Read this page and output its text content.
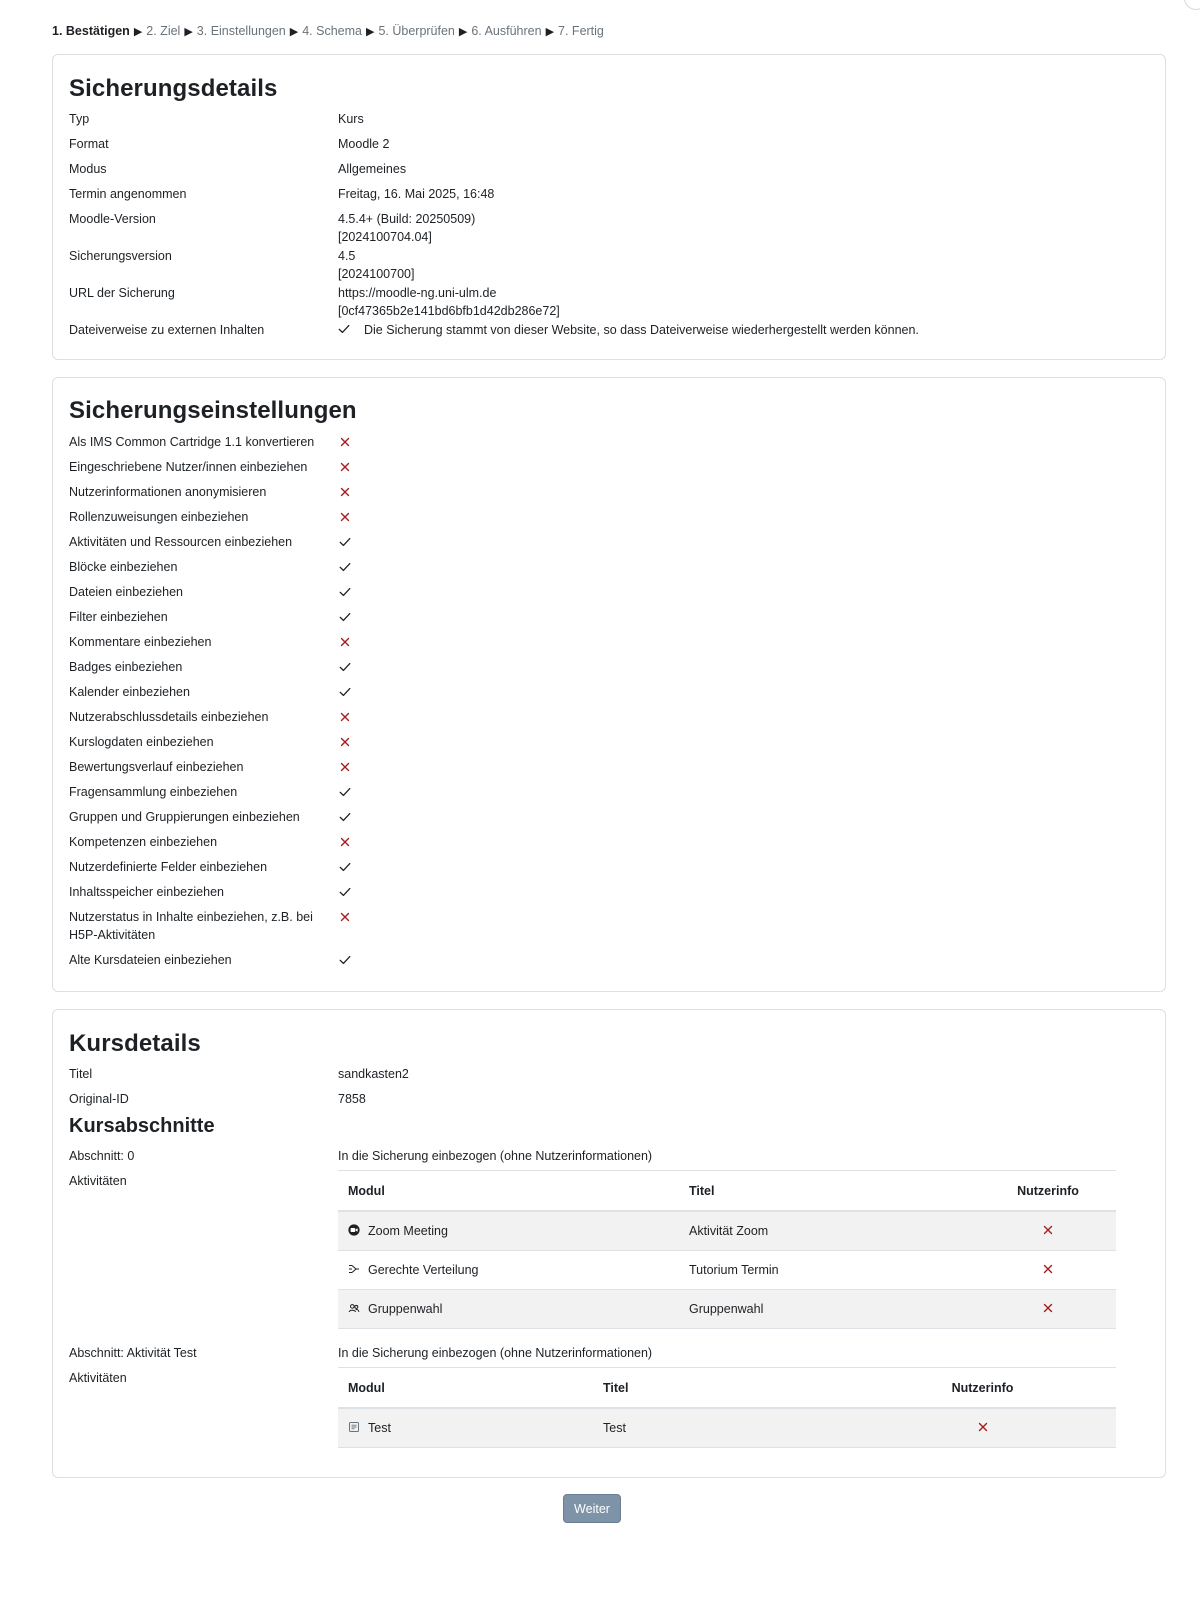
1. Bestätigen ▶ 2. Ziel ▶ 3. Einstellungen ▶ 4. Schema ▶ 5. Überprüfen ▶ 6. Ausführen ▶ 7. Fertig
Sicherungsdetails
Typ	Kurs
Format	Moodle 2
Modus	Allgemeines
Termin angenommen	Freitag, 16. Mai 2025, 16:48
Moodle-Version	4.5.4+ (Build: 20250509)
[2024100704.04]
Sicherungsversion	4.5
[2024100700]
URL der Sicherung	https://moodle-ng.uni-ulm.de
[0cf47365b2e141bd6bfb1d42db286e72]
Dateiverweise zu externen Inhalten	Die Sicherung stammt von dieser Website, so dass Dateiverweise wiederhergestellt werden können.
Sicherungseinstellungen
Als IMS Common Cartridge 1.1 konvertieren
Eingeschriebene Nutzer/innen einbeziehen
Nutzerinformationen anonymisieren
Rollenzuweisungen einbeziehen
Aktivitäten und Ressourcen einbeziehen
Blöcke einbeziehen
Dateien einbeziehen
Filter einbeziehen
Kommentare einbeziehen
Badges einbeziehen
Kalender einbeziehen
Nutzerabschlussdetails einbeziehen
Kurslogdaten einbeziehen
Bewertungsverlauf einbeziehen
Fragensammlung einbeziehen
Gruppen und Gruppierungen einbeziehen
Kompetenzen einbeziehen
Nutzerdefinierte Felder einbeziehen
Inhaltsspeicher einbeziehen
Nutzerstatus in Inhalte einbeziehen, z.B. bei H5P-Aktivitäten
Alte Kursdateien einbeziehen
Kursdetails
Kursabschnitte
Titel	sandkasten2
Original-ID	7858
Abschnitt: 0	In die Sicherung einbezogen (ohne Nutzerinformationen)
Aktivitäten
Modul	Titel	Nutzerinfo
Zoom Meeting	Aktivität Zoom	

Gerechte Verteilung	Tutorium Termin	

Gruppenwahl	Gruppenwahl	
Abschnitt: Aktivität Test	In die Sicherung einbezogen (ohne Nutzerinformationen)
Aktivitäten
Modul	Titel	Nutzerinfo
Test	Test	
Weiter
